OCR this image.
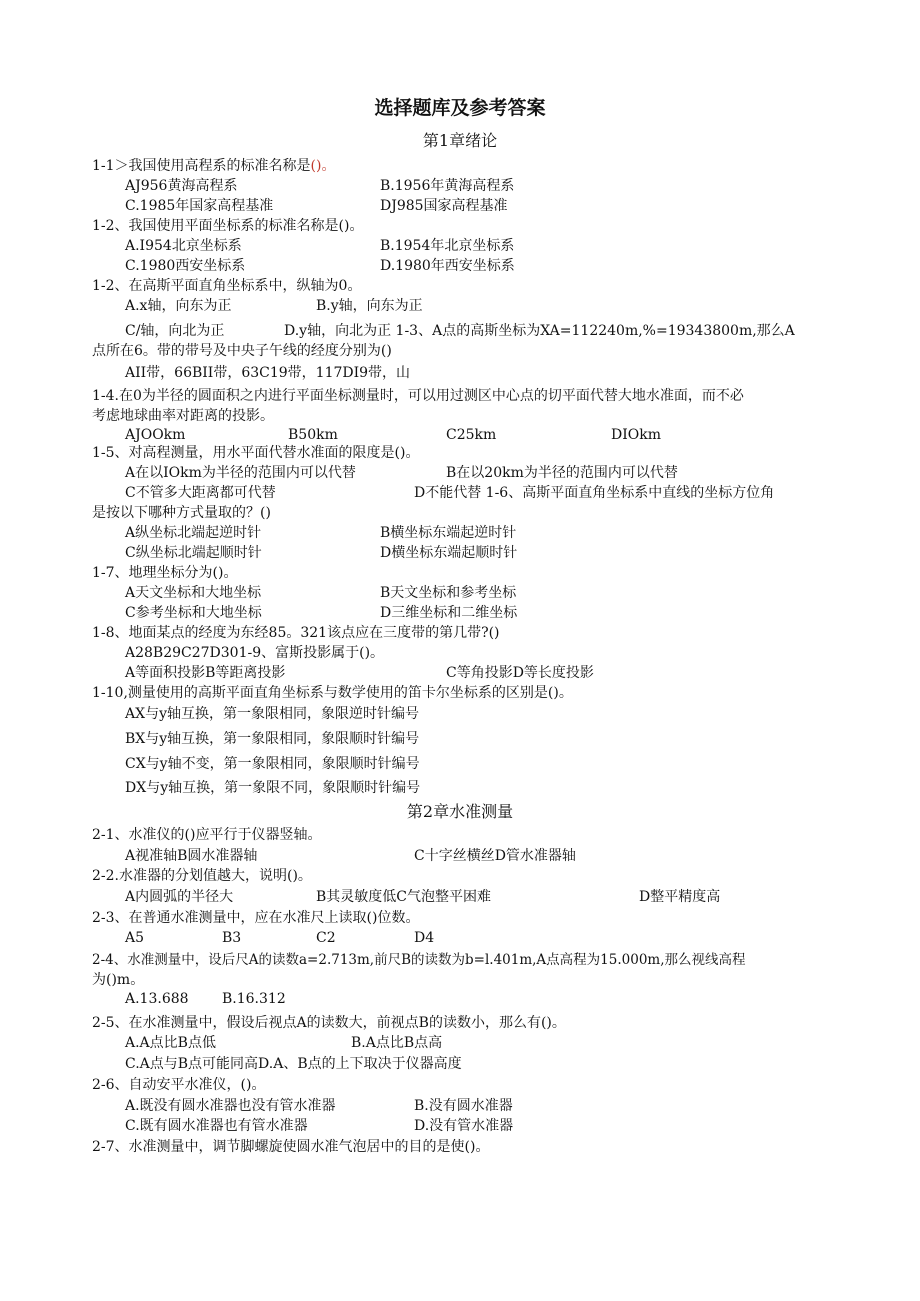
选择题库及参考答案
第1章绪论
1-1＞我国使用高程系的标准名称是()。
AJ956黄海高程系	B.1956年黄海高程系
C.1985年国家高程基准	DJ985国家高程基准
1-2、我国使用平面坐标系的标准名称是()。
A.I954北京坐标系	B.1954年北京坐标系
C.1980西安坐标系	D.1980年西安坐标系
1-2、在高斯平面直角坐标系中，纵轴为0。
A.x轴，向东为正	B.y轴，向东为正
C/轴，向北为正	D.y轴，向北为正 1-3、A点的高斯坐标为XA=112240m,%=19343800m,那么A
点所在6。带的带号及中央子午线的经度分别为()
AII带，66BII带，63C19带，117DI9带，山
1-4.在0为半径的圆面积之内进行平面坐标测量时，可以用过测区中心点的切平面代替大地水准面，而不必
考虑地球曲率对距离的投影。
AJOOkm	B50km	C25km	DIOkm
1-5、对高程测量，用水平面代替水准面的限度是()。
A在以IOkm为半径的范围内可以代替	B在以20km为半径的范围内可以代替
C不管多大距离都可代替	D不能代替 1-6、高斯平面直角坐标系中直线的坐标方位角
是按以下哪种方式量取的？()
A纵坐标北端起逆时针	B横坐标东端起逆时针
C纵坐标北端起顺时针	D横坐标东端起顺时针
1-7、地理坐标分为()。
A天文坐标和大地坐标	B天文坐标和参考坐标
C参考坐标和大地坐标	D三维坐标和二维坐标
1-8、地面某点的经度为东经85。321该点应在三度带的第几带?()
A28B29C27D301-9、富斯投影属于()。
A等面积投影B等距离投影	C等角投影D等长度投影
1-10,测量使用的高斯平面直角坐标系与数学使用的笛卡尔坐标系的区别是()。
AX与y轴互换，第一象限相同，象限逆时针编号
BX与y轴互换，第一象限相同，象限顺时针编号
CX与y轴不变，第一象限相同，象限顺时针编号
DX与y轴互换，第一象限不同，象限顺时针编号
第2章水准测量
2-1、水准仪的()应平行于仪器竖轴。
A视准轴B圆水准器轴	C十字丝横丝D管水准器轴
2-2.水准器的分划值越大，说明()。
A内圆弧的半径大	B其灵敏度低C气泡整平困难	D整平精度高
2-3、在普通水准测量中，应在水准尺上读取()位数。
A5	B3	C2	D4
2-4、水准测量中，设后尺A的读数a=2.713m,前尺B的读数为b=l.401m,A点高程为15.000m,那么视线高程
为()m。
A.13.688 B.16.312
2-5、在水准测量中，假设后视点A的读数大，前视点B的读数小，那么有()。
A.A点比B点低	B.A点比B点高
C.A点与B点可能同高D.A、B点的上下取决于仪器高度
2-6、自动安平水准仪，()。
A.既没有圆水准器也没有管水准器	B.没有圆水准器
C.既有圆水准器也有管水准器	D.没有管水准器
2-7、水准测量中，调节脚螺旋使圆水准气泡居中的目的是使()。
